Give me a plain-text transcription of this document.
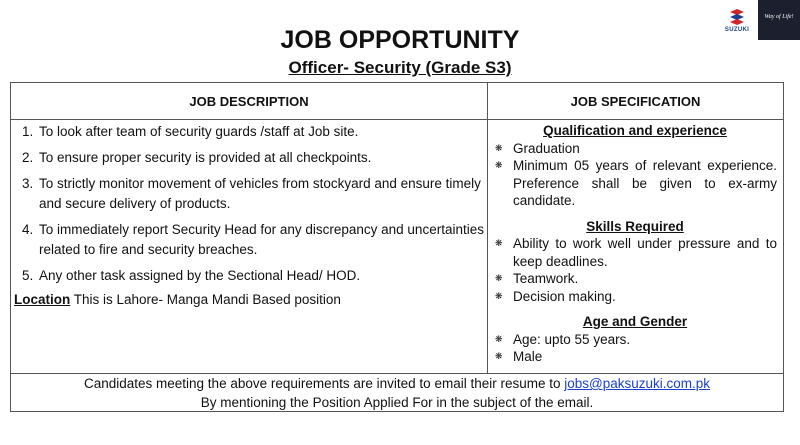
SUZUKI
Way of Life!
JOB OPPORTUNITY
Officer- Security (Grade S3)
JOB DESCRIPTION	JOB SPECIFICATION
1. To look after team of security guards /staff at Job site.
2. To ensure proper security is provided at all checkpoints.
3. To strictly monitor movement of vehicles from stockyard and ensure timely and secure delivery of products.
4. To immediately report Security Head for any discrepancy and uncertainties related to fire and security breaches.
5. Any other task assigned by the Sectional Head/ HOD.
Location This is Lahore- Manga Mandi Based position
Qualification and experience
❋ Graduation
❋ Minimum 05 years of relevant experience. Preference shall be given to ex-army candidate.
Skills Required
❋ Ability to work well under pressure and to keep deadlines.
❋ Teamwork.
❋ Decision making.
Age and Gender
❋ Age: upto 55 years.
❋ Male
Candidates meeting the above requirements are invited to email their resume to jobs@paksuzuki.com.pk
By mentioning the Position Applied For in the subject of the email.
